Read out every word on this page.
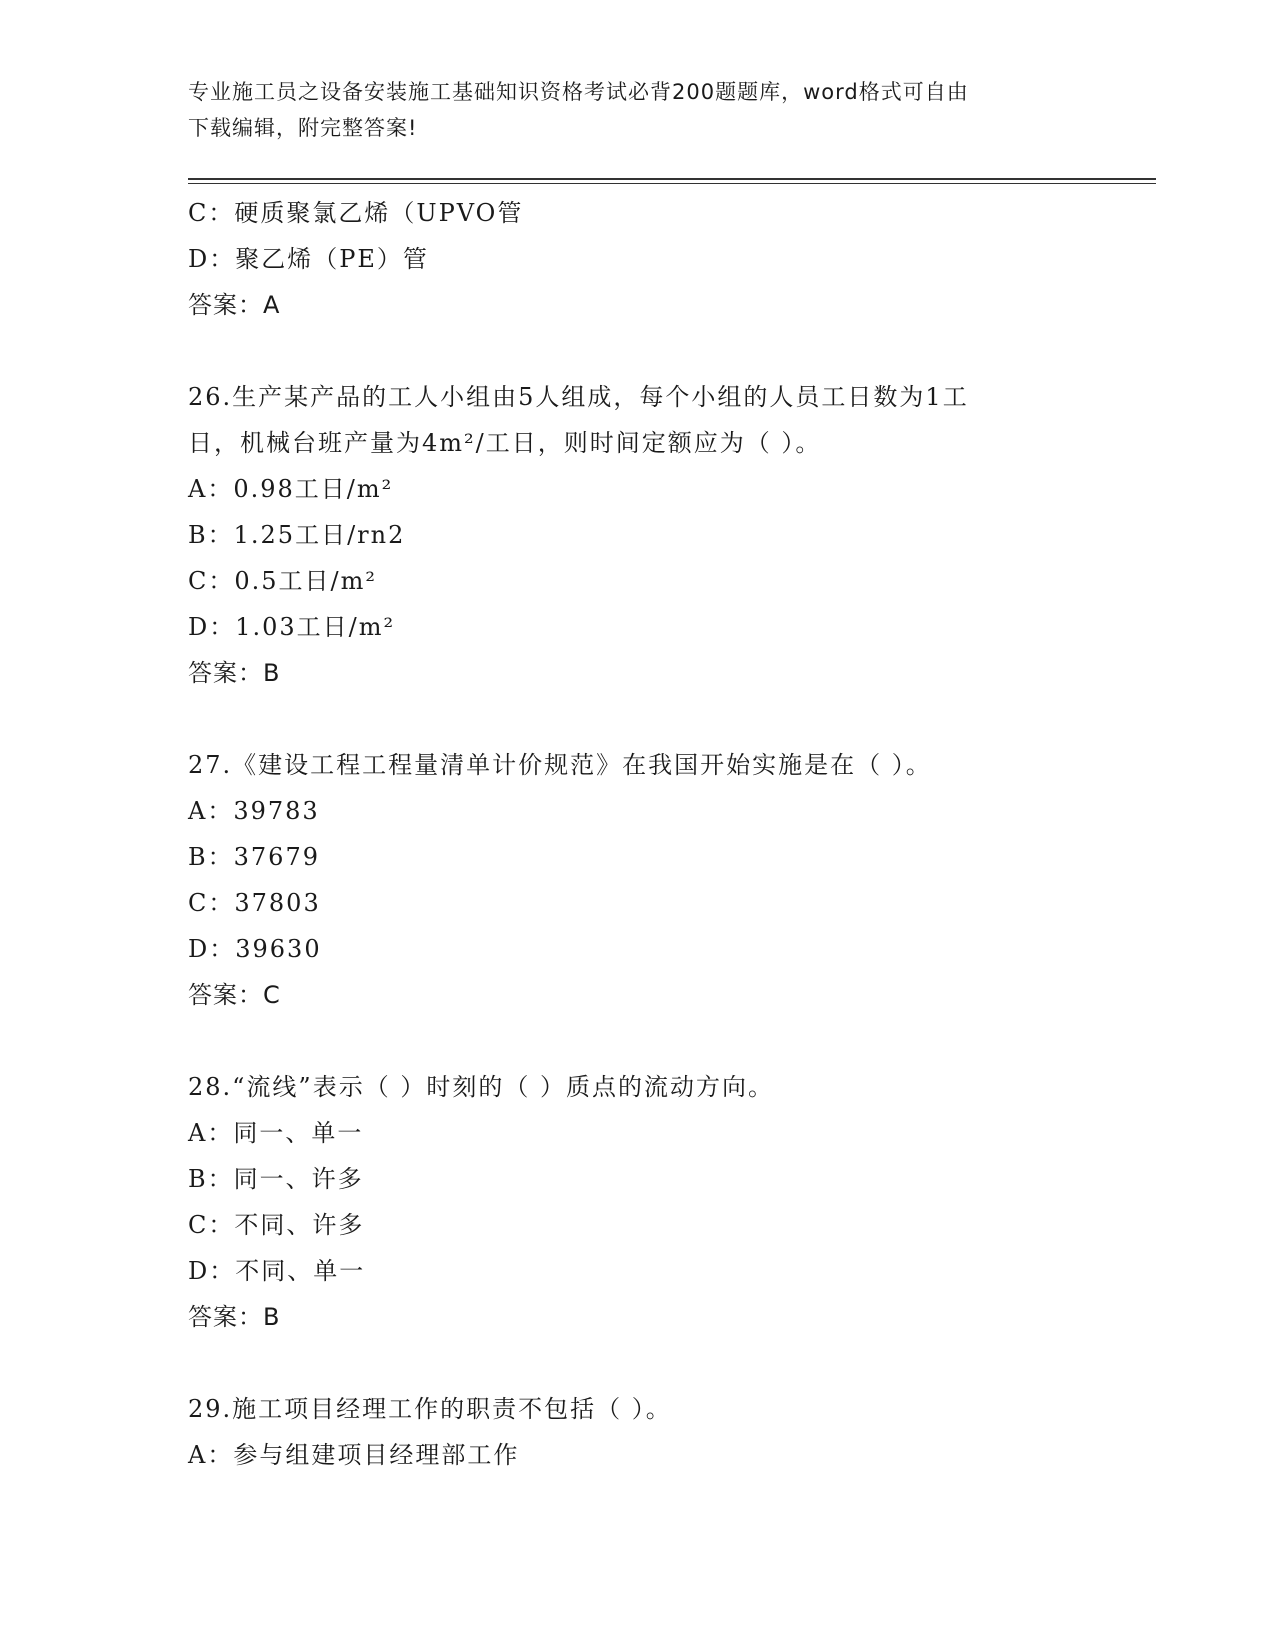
专业施工员之设备安装施工基础知识资格考试必背200题题库，word格式可自由
下载编辑，附完整答案!
C：硬质聚氯乙烯（UPVO管
D：聚乙烯（PE）管
答案：A
26.生产某产品的工人小组由5人组成，每个小组的人员工日数为1工
日，机械台班产量为4m²/工日，则时间定额应为（ ）。
A：0.98工日/m²
B：1.25工日/rn2
C：0.5工日/m²
D：1.03工日/m²
答案：B
27.《建设工程工程量清单计价规范》在我国开始实施是在（ ）。
A：39783
B：37679
C：37803
D：39630
答案：C
28.“流线”表示（ ）时刻的（ ）质点的流动方向。
A：同一、单一
B：同一、许多
C：不同、许多
D：不同、单一
答案：B
29.施工项目经理工作的职责不包括（ ）。
A：参与组建项目经理部工作
